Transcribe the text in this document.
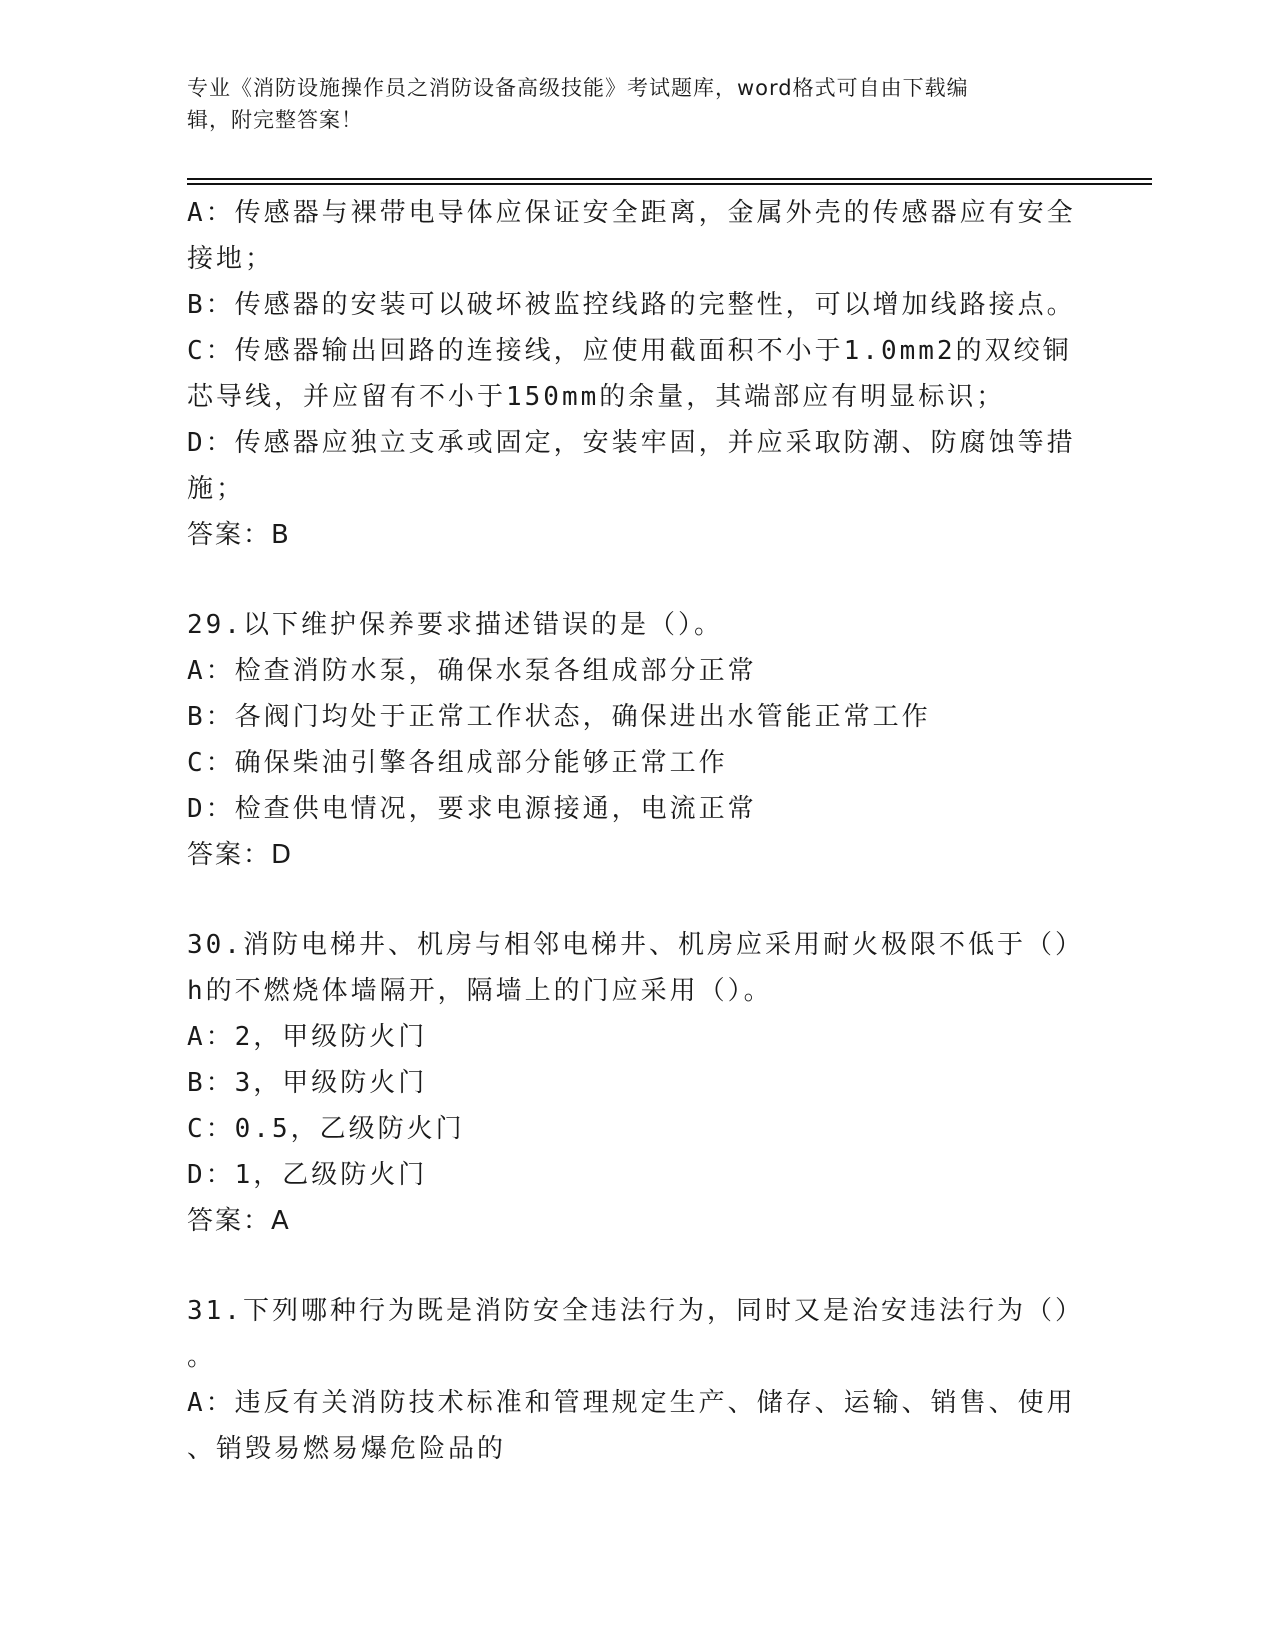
专业《消防设施操作员之消防设备高级技能》考试题库，word格式可自由下载编
辑，附完整答案！
A：传感器与裸带电导体应保证安全距离，金属外壳的传感器应有安全
接地；
B：传感器的安装可以破坏被监控线路的完整性，可以增加线路接点。
C：传感器输出回路的连接线，应使用截面积不小于1.0mm2的双绞铜
芯导线，并应留有不小于150mm的余量，其端部应有明显标识；
D：传感器应独立支承或固定，安装牢固，并应采取防潮、防腐蚀等措
施；
答案：B
29.以下维护保养要求描述错误的是（）。
A：检查消防水泵，确保水泵各组成部分正常
B：各阀门均处于正常工作状态，确保进出水管能正常工作
C：确保柴油引擎各组成部分能够正常工作
D：检查供电情况，要求电源接通，电流正常
答案：D
30.消防电梯井、机房与相邻电梯井、机房应采用耐火极限不低于（）
h的不燃烧体墙隔开，隔墙上的门应采用（）。
A：2，甲级防火门
B：3，甲级防火门
C：0.5，乙级防火门
D：1，乙级防火门
答案：A
31.下列哪种行为既是消防安全违法行为，同时又是治安违法行为（）
。
A：违反有关消防技术标准和管理规定生产、储存、运输、销售、使用
、销毁易燃易爆危险品的
